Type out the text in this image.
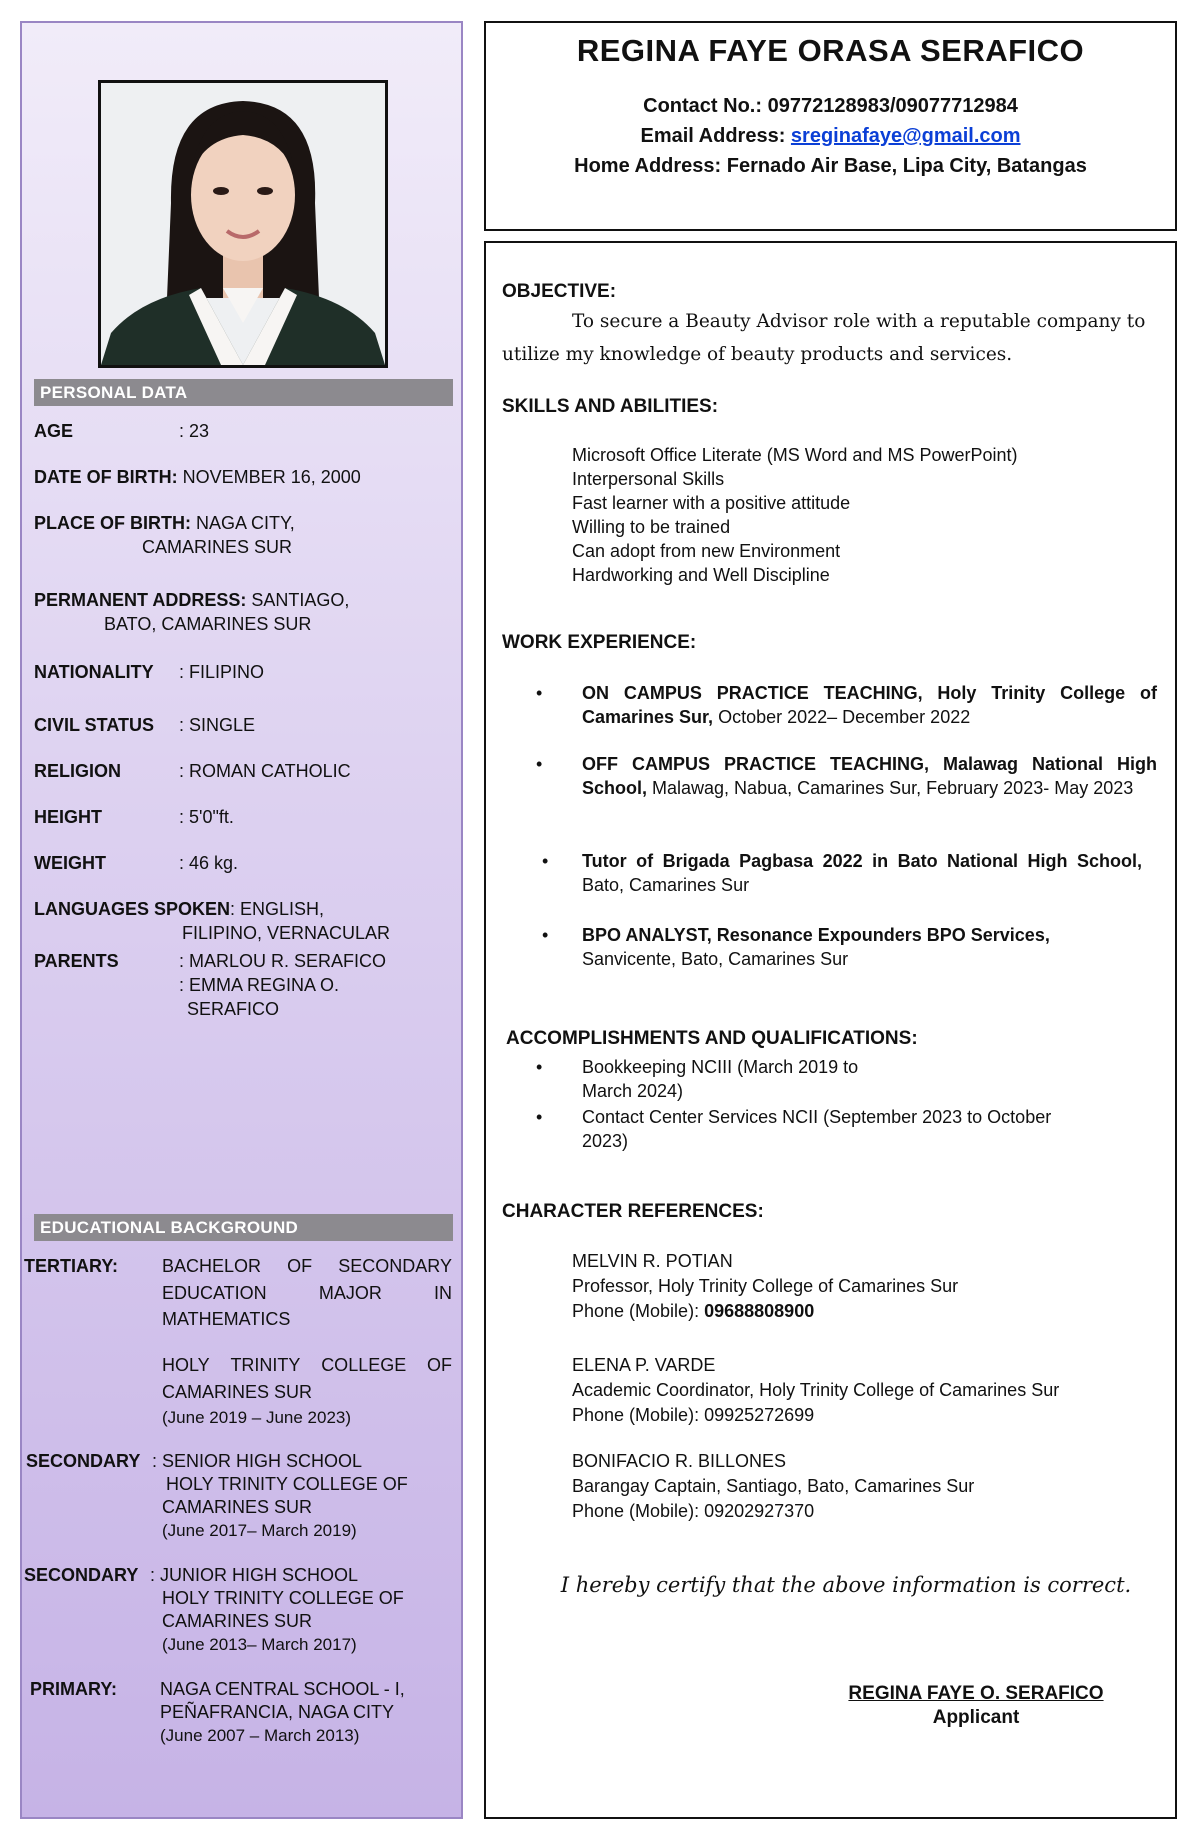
PERSONAL DATA
AGE	: 23
DATE OF BIRTH: NOVEMBER 16, 2000
PLACE OF BIRTH: NAGA CITY,
CAMARINES SUR
PERMANENT ADDRESS: SANTIAGO,
BATO, CAMARINES SUR
NATIONALITY : FILIPINO
CIVIL STATUS : SINGLE
RELIGION	: ROMAN CATHOLIC
HEIGHT	: 5'0"ft.
WEIGHT	: 46 kg.
LANGUAGES SPOKEN: ENGLISH,
FILIPINO, VERNACULAR
PARENTS	: MARLOU R. SERAFICO
: EMMA REGINA O.
SERAFICO
EDUCATIONAL BACKGROUND
TERTIARY: BACHELOR OF SECONDARY
EDUCATION	MAJOR	IN
MATHEMATICS
HOLY TRINITY COLLEGE OF
CAMARINES SUR
(June 2019 – June 2023)
SECONDARY : SENIOR HIGH SCHOOL
HOLY TRINITY COLLEGE OF
CAMARINES SUR
(June 2017– March 2019)
SECONDARY : JUNIOR HIGH SCHOOL
HOLY TRINITY COLLEGE OF
CAMARINES SUR
(June 2013– March 2017)
PRIMARY: NAGA CENTRAL SCHOOL - I,
PEÑAFRANCIA, NAGA CITY
(June 2007 – March 2013)
REGINA FAYE ORASA SERAFICO
Contact No.: 09772128983/09077712984
Email Address: sreginafaye@gmail.com
Home Address: Fernado Air Base, Lipa City, Batangas
OBJECTIVE:
To secure a Beauty Advisor role with a reputable company to
utilize my knowledge of beauty products and services.
SKILLS AND ABILITIES:
Microsoft Office Literate (MS Word and MS PowerPoint)
Interpersonal Skills
Fast learner with a positive attitude
Willing to be trained
Can adopt from new Environment
Hardworking and Well Discipline
WORK EXPERIENCE:
• ON CAMPUS PRACTICE TEACHING, Holy Trinity College of Camarines Sur, October 2022– December 2022
• OFF CAMPUS PRACTICE TEACHING, Malawag National High School, Malawag, Nabua, Camarines Sur, February 2023- May 2023
• Tutor of Brigada Pagbasa 2022 in Bato National High School, Bato, Camarines Sur
• BPO ANALYST, Resonance Expounders BPO Services, Sanvicente, Bato, Camarines Sur
ACCOMPLISHMENTS AND QUALIFICATIONS:
• Bookkeeping NCIII (March 2019 to
March 2024)
• Contact Center Services NCII (September 2023 to October
2023)
CHARACTER REFERENCES:
MELVIN R. POTIAN
Professor, Holy Trinity College of Camarines Sur
Phone (Mobile): 09688808900
ELENA P. VARDE
Academic Coordinator, Holy Trinity College of Camarines Sur
Phone (Mobile): 09925272699
BONIFACIO R. BILLONES
Barangay Captain, Santiago, Bato, Camarines Sur
Phone (Mobile): 09202927370
I hereby certify that the above information is correct.
REGINA FAYE O. SERAFICO
Applicant
